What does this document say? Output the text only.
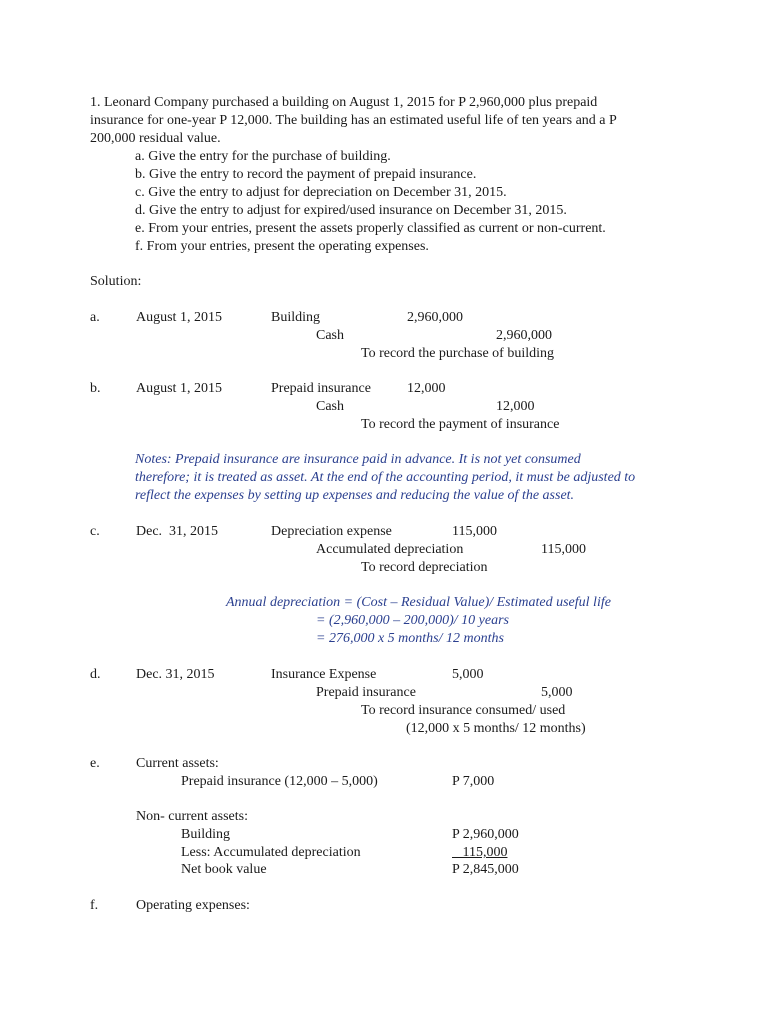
1. Leonard Company purchased a building on August 1, 2015 for P 2,960,000 plus prepaid
insurance for one-year P 12,000. The building has an estimated useful life of ten years and a P
200,000 residual value.
a. Give the entry for the purchase of building.
b. Give the entry to record the payment of prepaid insurance.
c. Give the entry to adjust for depreciation on December 31, 2015.
d. Give the entry to adjust for expired/used insurance on December 31, 2015.
e. From your entries, present the assets properly classified as current or non-current.
f. From your entries, present the operating expenses.
Solution:
a.	August 1, 2015	Building	2,960,000
Cash	2,960,000
To record the purchase of building
b.	August 1, 2015	Prepaid insurance	12,000
Cash	12,000
To record the payment of insurance
Notes: Prepaid insurance are insurance paid in advance. It is not yet consumed
therefore; it is treated as asset. At the end of the accounting period, it must be adjusted to
reflect the expenses by setting up expenses and reducing the value of the asset.
c.	Dec.  31, 2015	Depreciation expense	115,000
Accumulated depreciation	115,000
To record depreciation
Annual depreciation = (Cost – Residual Value)/ Estimated useful life
= (2,960,000 – 200,000)/ 10 years
= 276,000 x 5 months/ 12 months
d.	Dec. 31, 2015	Insurance Expense	5,000
Prepaid insurance	5,000
To record insurance consumed/ used
(12,000 x 5 months/ 12 months)
e.	Current assets:
Prepaid insurance (12,000 – 5,000)	P 7,000
Non- current assets:
Building	P 2,960,000
Less: Accumulated depreciation	115,000
Net book value	P 2,845,000
f.	Operating expenses:
